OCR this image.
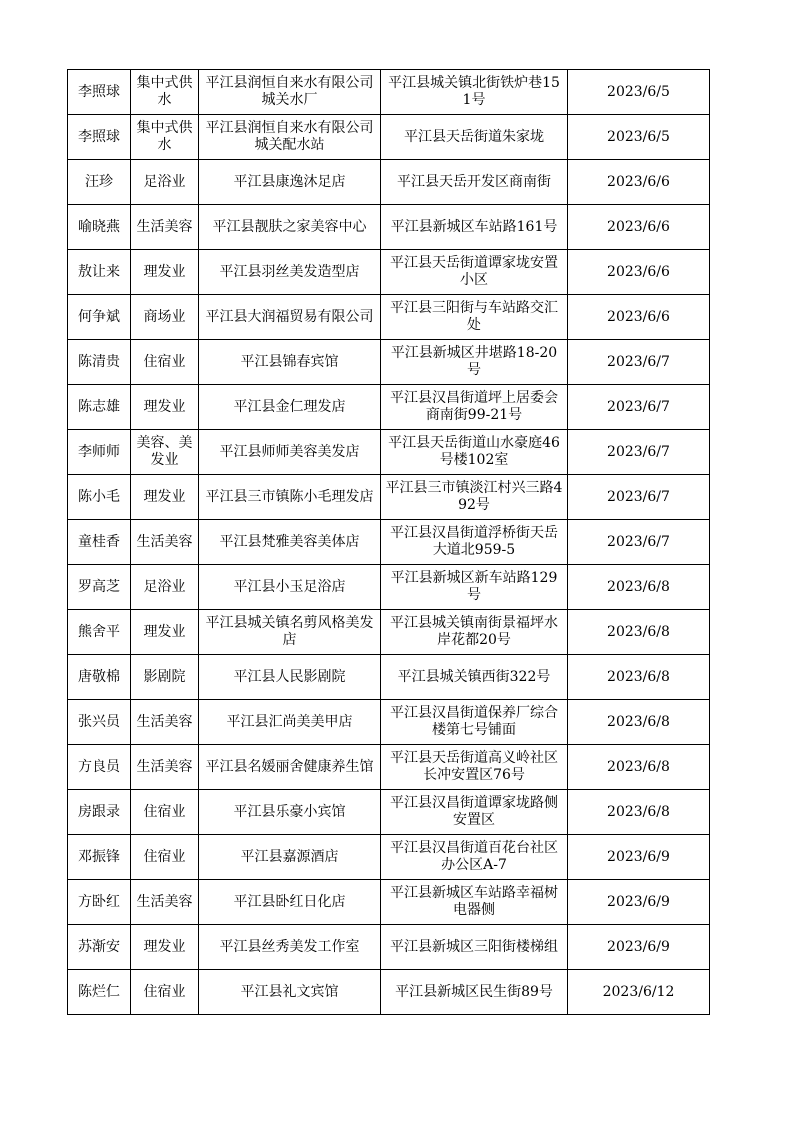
李照球	集中式供水	平江县润恒自来水有限公司城关水厂	平江县城关镇北街铁炉巷151号	2023/6/5
李照球	集中式供水	平江县润恒自来水有限公司城关配水站	平江县天岳街道朱家垅	2023/6/5
汪珍	足浴业	平江县康逸沐足店	平江县天岳开发区商南街	2023/6/6
喻晓燕	生活美容	平江县靓肤之家美容中心	平江县新城区车站路161号	2023/6/6
敖让来	理发业	平江县羽丝美发造型店	平江县天岳街道谭家垅安置小区	2023/6/6
何争斌	商场业	平江县大润福贸易有限公司	平江县三阳街与车站路交汇处	2023/6/6
陈清贵	住宿业	平江县锦春宾馆	平江县新城区井堪路18-20号	2023/6/7
陈志雄	理发业	平江县金仁理发店	平江县汉昌街道坪上居委会商南街99-21号	2023/6/7
李师师	美容、美发业	平江县师师美容美发店	平江县天岳街道山水豪庭46号楼102室	2023/6/7
陈小毛	理发业	平江县三市镇陈小毛理发店	平江县三市镇淡江村兴三路492号	2023/6/7
童桂香	生活美容	平江县梵雅美容美体店	平江县汉昌街道浮桥街天岳大道北959-5	2023/6/7
罗高芝	足浴业	平江县小玉足浴店	平江县新城区新车站路129号	2023/6/8
熊舍平	理发业	平江县城关镇名剪风格美发店	平江县城关镇南街景福坪水岸花都20号	2023/6/8
唐敬棉	影剧院	平江县人民影剧院	平江县城关镇西街322号	2023/6/8
张兴员	生活美容	平江县汇尚美美甲店	平江县汉昌街道保养厂综合楼第七号铺面	2023/6/8
方良员	生活美容	平江县名媛丽舍健康养生馆	平江县天岳街道高义岭社区长冲安置区76号	2023/6/8
房跟录	住宿业	平江县乐豪小宾馆	平江县汉昌街道谭家垅路侧安置区	2023/6/8
邓振锋	住宿业	平江县嘉源酒店	平江县汉昌街道百花台社区办公区A-7	2023/6/9
方卧红	生活美容	平江县卧红日化店	平江县新城区车站路幸福树电器侧	2023/6/9
苏渐安	理发业	平江县丝秀美发工作室	平江县新城区三阳街楼梯组	2023/6/9
陈烂仁	住宿业	平江县礼文宾馆	平江县新城区民生街89号	2023/6/12
